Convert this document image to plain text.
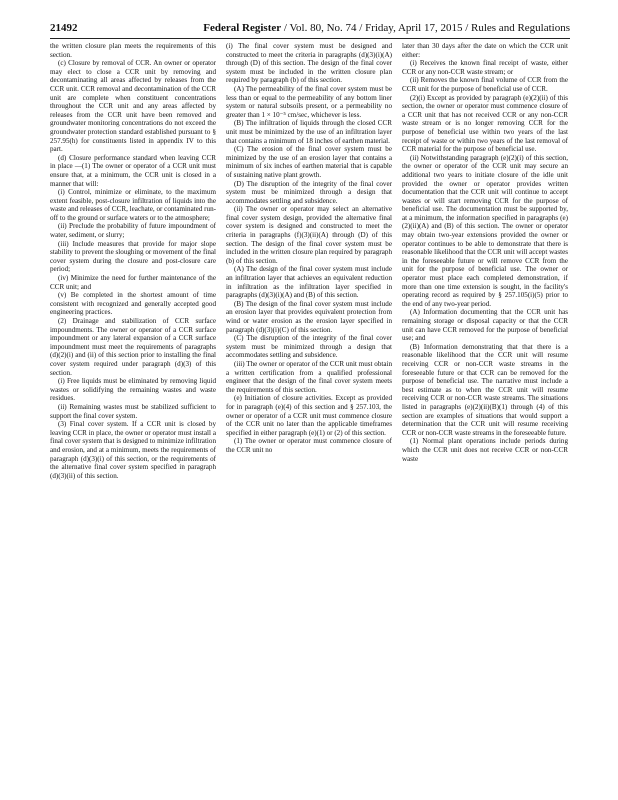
21492	Federal Register / Vol. 80, No. 74 / Friday, April 17, 2015 / Rules and Regulations

the written closure plan meets the requirements of this section.

(c) Closure by removal of CCR. An owner or operator may elect to close a CCR unit by removing and decontaminating all areas affected by releases from the CCR unit. CCR removal and decontamination of the CCR unit are complete when constituent concentrations throughout the CCR unit and any areas affected by releases from the CCR unit have been removed and groundwater monitoring concentrations do not exceed the groundwater protection standard established pursuant to § 257.95(h) for constituents listed in appendix IV to this part.

(d) Closure performance standard when leaving CCR in place —(1) The owner or operator of a CCR unit must ensure that, at a minimum, the CCR unit is closed in a manner that will:

(i) Control, minimize or eliminate, to the maximum extent feasible, post-closure infiltration of liquids into the waste and releases of CCR, leachate, or contaminated run-off to the ground or surface waters or to the atmosphere;

(ii) Preclude the probability of future impoundment of water, sediment, or slurry;

(iii) Include measures that provide for major slope stability to prevent the sloughing or movement of the final cover system during the closure and post-closure care period;

(iv) Minimize the need for further maintenance of the CCR unit; and

(v) Be completed in the shortest amount of time consistent with recognized and generally accepted good engineering practices.

(2) Drainage and stabilization of CCR surface impoundments. The owner or operator of a CCR surface impoundment or any lateral expansion of a CCR surface impoundment must meet the requirements of paragraphs (d)(2)(i) and (ii) of this section prior to installing the final cover system required under paragraph (d)(3) of this section.

(i) Free liquids must be eliminated by removing liquid wastes or solidifying the remaining wastes and waste residues.

(ii) Remaining wastes must be stabilized sufficient to support the final cover system.

(3) Final cover system. If a CCR unit is closed by leaving CCR in place, the owner or operator must install a final cover system that is designed to minimize infiltration and erosion, and at a minimum, meets the requirements of paragraph (d)(3)(i) of this section, or the requirements of the alternative final cover system specified in paragraph (d)(3)(ii) of this section.

(i) The final cover system must be designed and constructed to meet the criteria in paragraphs (d)(3)(i)(A) through (D) of this section. The design of the final cover system must be included in the written closure plan required by paragraph (b) of this section.

(A) The permeability of the final cover system must be less than or equal to the permeability of any bottom liner system or natural subsoils present, or a permeability no greater than 1 × 10⁻⁵ cm/sec, whichever is less.

(B) The infiltration of liquids through the closed CCR unit must be minimized by the use of an infiltration layer that contains a minimum of 18 inches of earthen material.

(C) The erosion of the final cover system must be minimized by the use of an erosion layer that contains a minimum of six inches of earthen material that is capable of sustaining native plant growth.

(D) The disruption of the integrity of the final cover system must be minimized through a design that accommodates settling and subsidence.

(ii) The owner or operator may select an alternative final cover system design, provided the alternative final cover system is designed and constructed to meet the criteria in paragraphs (f)(3)(ii)(A) through (D) of this section. The design of the final cover system must be included in the written closure plan required by paragraph (b) of this section.

(A) The design of the final cover system must include an infiltration layer that achieves an equivalent reduction in infiltration as the infiltration layer specified in paragraphs (d)(3)(i)(A) and (B) of this section.

(B) The design of the final cover system must include an erosion layer that provides equivalent protection from wind or water erosion as the erosion layer specified in paragraph (d)(3)(i)(C) of this section.

(C) The disruption of the integrity of the final cover system must be minimized through a design that accommodates settling and subsidence.

(iii) The owner or operator of the CCR unit must obtain a written certification from a qualified professional engineer that the design of the final cover system meets the requirements of this section.

(e) Initiation of closure activities. Except as provided for in paragraph (e)(4) of this section and § 257.103, the owner or operator of a CCR unit must commence closure of the CCR unit no later than the applicable timeframes specified in either paragraph (e)(1) or (2) of this section.

(1) The owner or operator must commence closure of the CCR unit no

later than 30 days after the date on which the CCR unit either:

(i) Receives the known final receipt of waste, either CCR or any non-CCR waste stream; or

(ii) Removes the known final volume of CCR from the CCR unit for the purpose of beneficial use of CCR.

(2)(i) Except as provided by paragraph (e)(2)(ii) of this section, the owner or operator must commence closure of a CCR unit that has not received CCR or any non-CCR waste stream or is no longer removing CCR for the purpose of beneficial use within two years of the last receipt of waste or within two years of the last removal of CCR material for the purpose of beneficial use.

(ii) Notwithstanding paragraph (e)(2)(i) of this section, the owner or operator of the CCR unit may secure an additional two years to initiate closure of the idle unit provided the owner or operator provides written documentation that the CCR unit will continue to accept wastes or will start removing CCR for the purpose of beneficial use. The documentation must be supported by, at a minimum, the information specified in paragraphs (e)(2)(ii)(A) and (B) of this section. The owner or operator may obtain two-year extensions provided the owner or operator continues to be able to demonstrate that there is reasonable likelihood that the CCR unit will accept wastes in the foreseeable future or will remove CCR from the unit for the purpose of beneficial use. The owner or operator must place each completed demonstration, if more than one time extension is sought, in the facility's operating record as required by § 257.105(i)(5) prior to the end of any two-year period.

(A) Information documenting that the CCR unit has remaining storage or disposal capacity or that the CCR unit can have CCR removed for the purpose of beneficial use; and

(B) Information demonstrating that that there is a reasonable likelihood that the CCR unit will resume receiving CCR or non-CCR waste streams in the foreseeable future or that CCR can be removed for the purpose of beneficial use. The narrative must include a best estimate as to when the CCR unit will resume receiving CCR or non-CCR waste streams. The situations listed in paragraphs (e)(2)(ii)(B)(1) through (4) of this section are examples of situations that would support a determination that the CCR unit will resume receiving CCR or non-CCR waste streams in the foreseeable future.

(1) Normal plant operations include periods during which the CCR unit does not receive CCR or non-CCR waste
